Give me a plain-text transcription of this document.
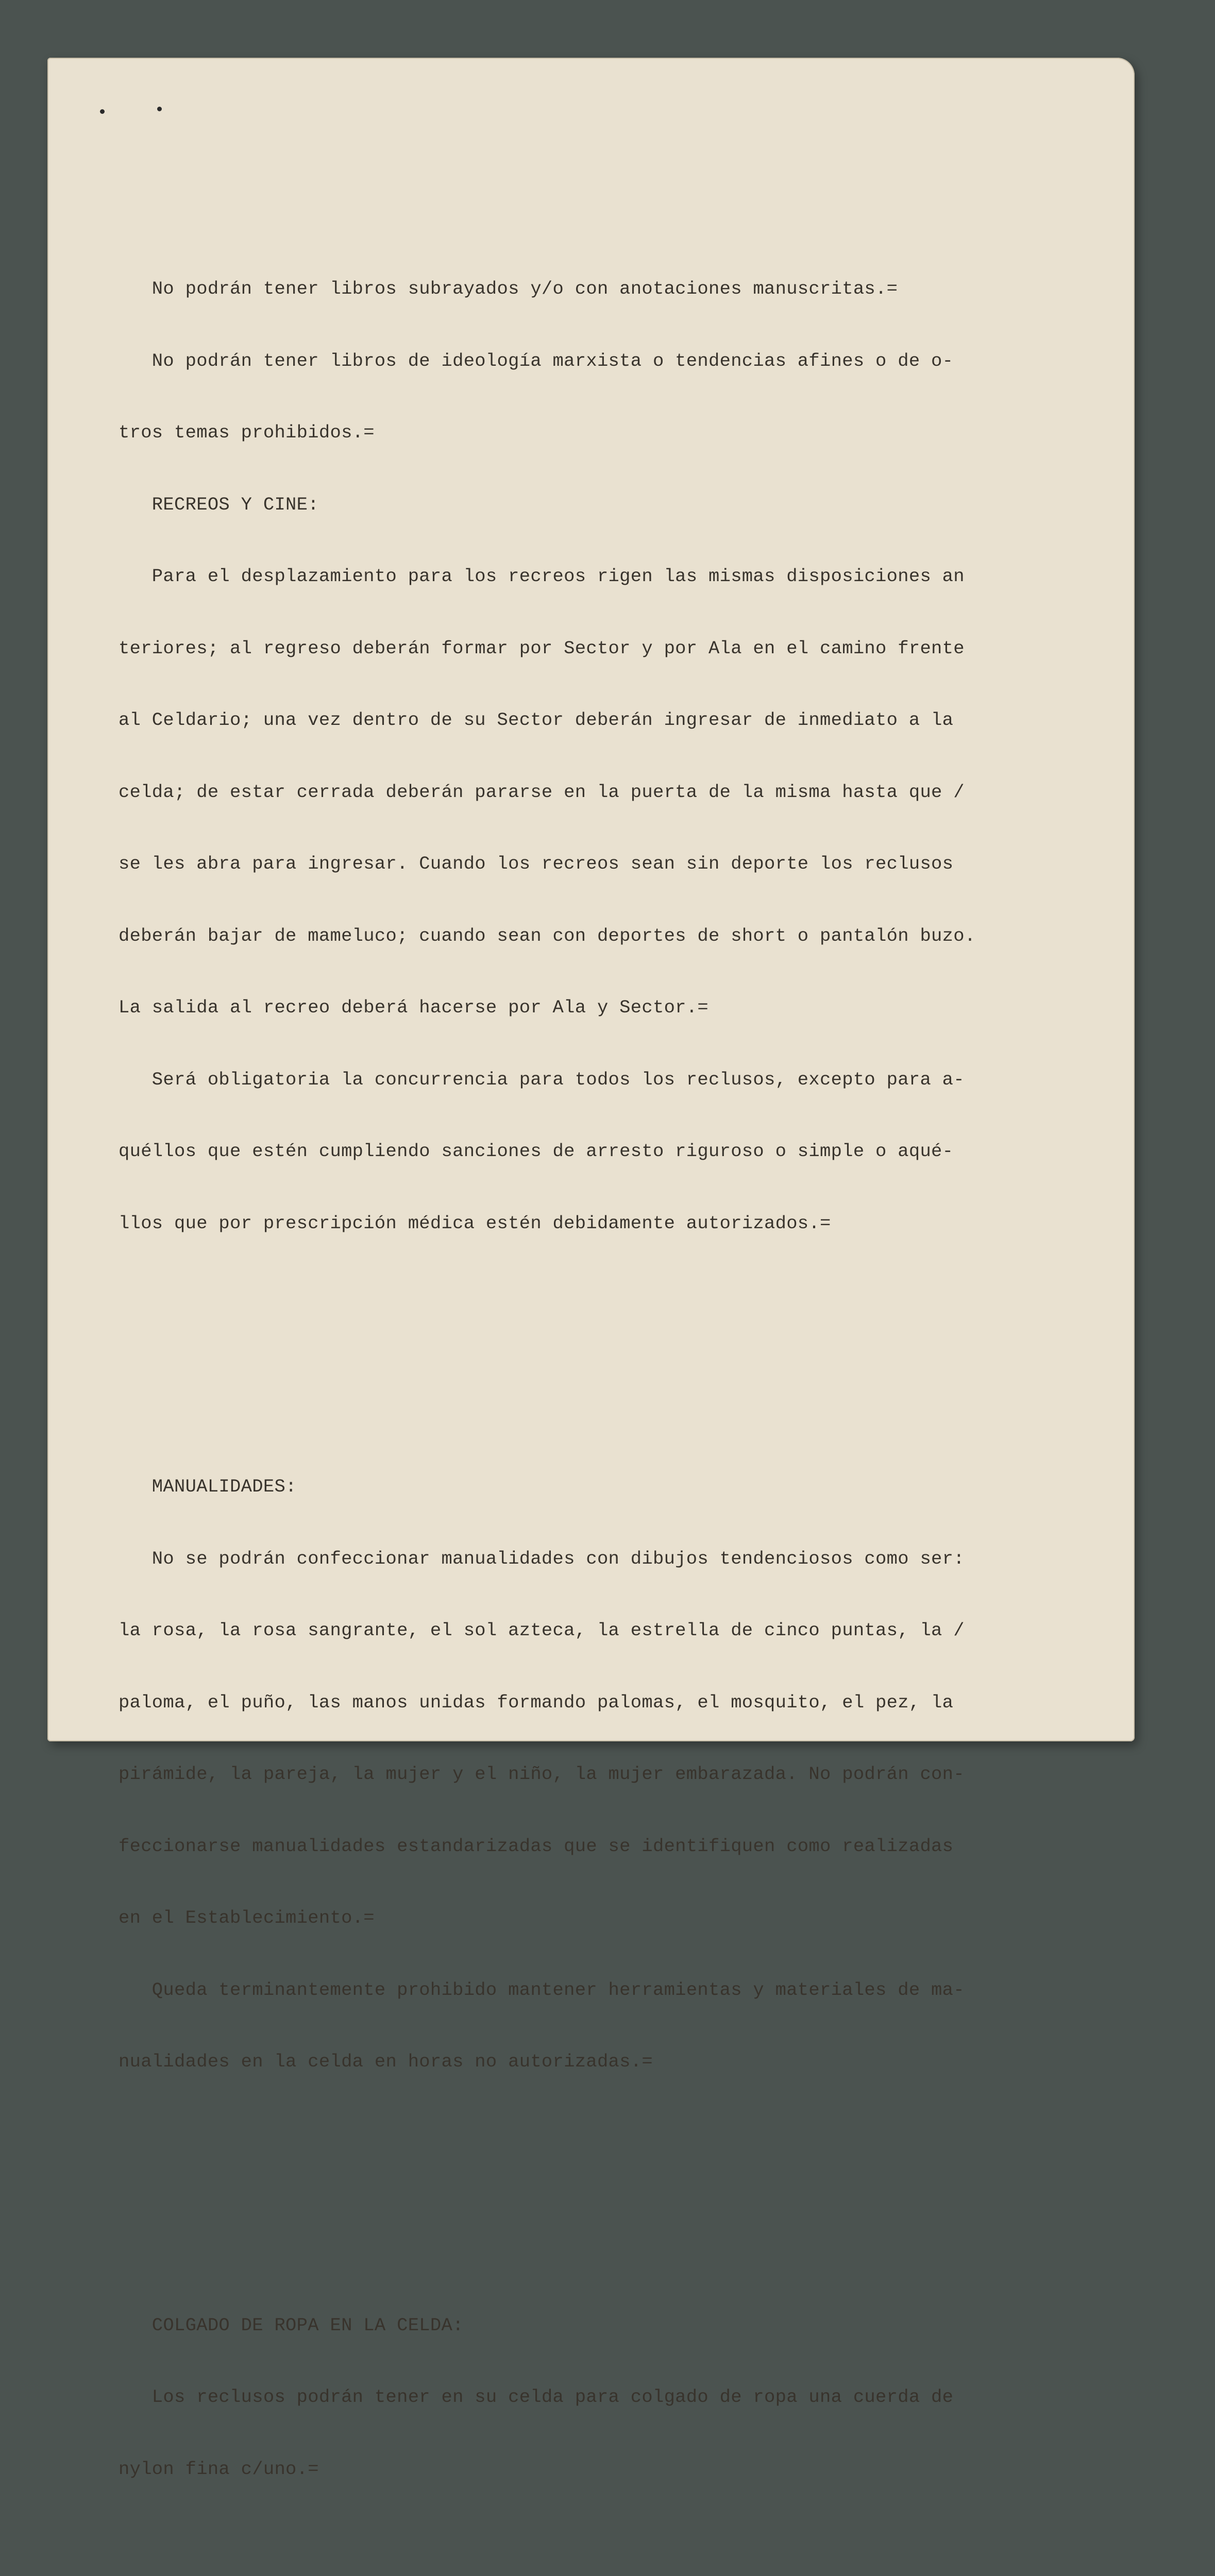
No podrán tener libros subrayados y/o con anotaciones manuscritas.=

No podrán tener libros de ideología marxista o tendencias afines o de o-

tros temas prohibidos.=

RECREOS Y CINE:

Para el desplazamiento para los recreos rigen las mismas disposiciones an

teriores; al regreso deberán formar por Sector y por Ala en el camino frente

al Celdario; una vez dentro de su Sector deberán ingresar de inmediato a la

celda; de estar cerrada deberán pararse en la puerta de la misma hasta que /

se les abra para ingresar. Cuando los recreos sean sin deporte los reclusos

deberán bajar de mameluco; cuando sean con deportes de short o pantalón buzo.

La salida al recreo deberá hacerse por Ala y Sector.=

Será obligatoria la concurrencia para todos los reclusos, excepto para a-

quéllos que estén cumpliendo sanciones de arresto riguroso o simple o aqué-

llos que por prescripción médica estén debidamente autorizados.=

MANUALIDADES:

No se podrán confeccionar manualidades con dibujos tendenciosos como ser:

la rosa, la rosa sangrante, el sol azteca, la estrella de cinco puntas, la /

paloma, el puño, las manos unidas formando palomas, el mosquito, el pez, la

pirámide, la pareja, la mujer y el niño, la mujer embarazada. No podrán con-

feccionarse manualidades estandarizadas que se identifiquen como realizadas

en el Establecimiento.=

Queda terminantemente prohibido mantener herramientas y materiales de ma-

nualidades en la celda en horas no autorizadas.=

COLGADO DE ROPA EN LA CELDA:

Los reclusos podrán tener en su celda para colgado de ropa una cuerda de

nylon fina c/uno.=
